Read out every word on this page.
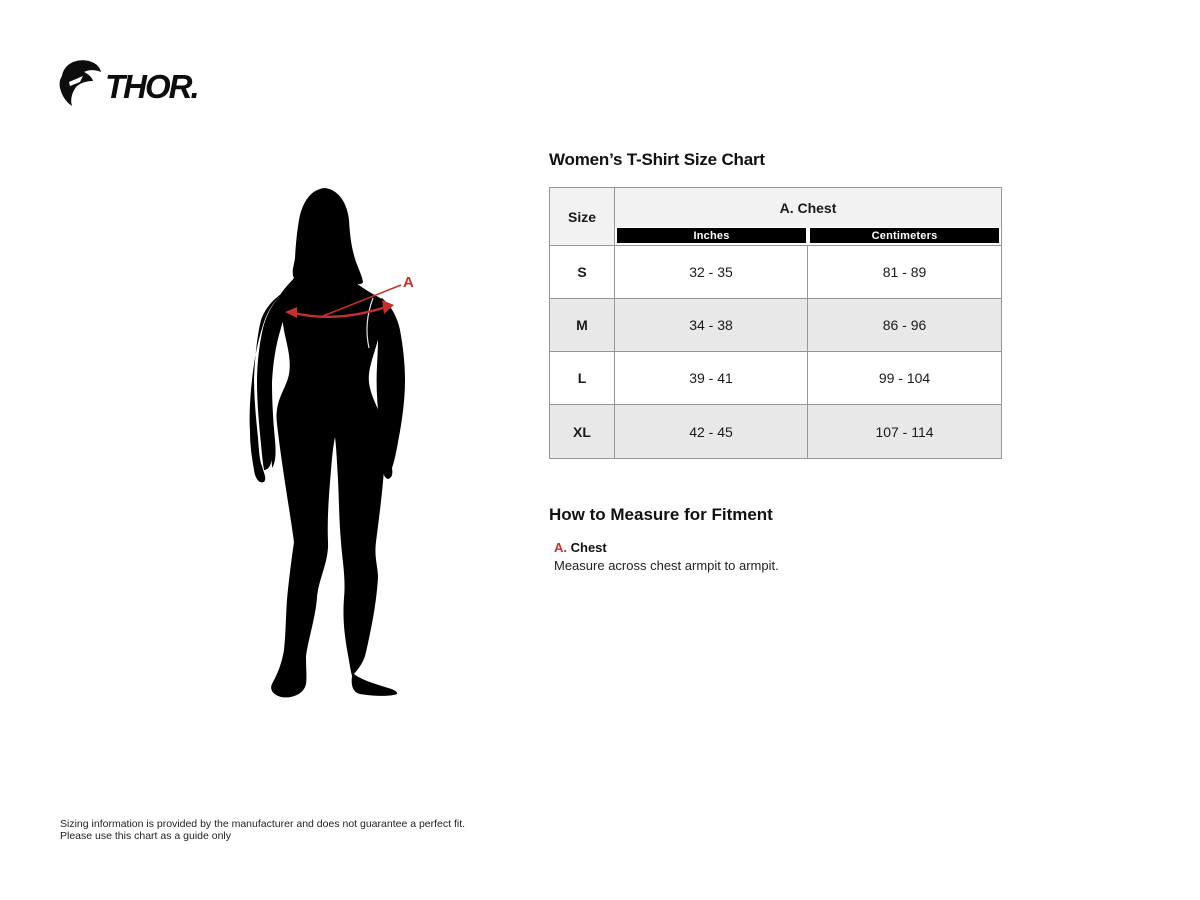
THOR.
A
Women’s T-Shirt Size Chart
Size
A. Chest
Inches	Centimeters
S	32 - 35	81 - 89
M	34 - 38	86 - 96
L	39 - 41	99 - 104
XL	42 - 45	107 - 114
How to Measure for Fitment
A. Chest
Measure across chest armpit to armpit.
Sizing information is provided by the manufacturer and does not guarantee a perfect fit.
Please use this chart as a guide only
